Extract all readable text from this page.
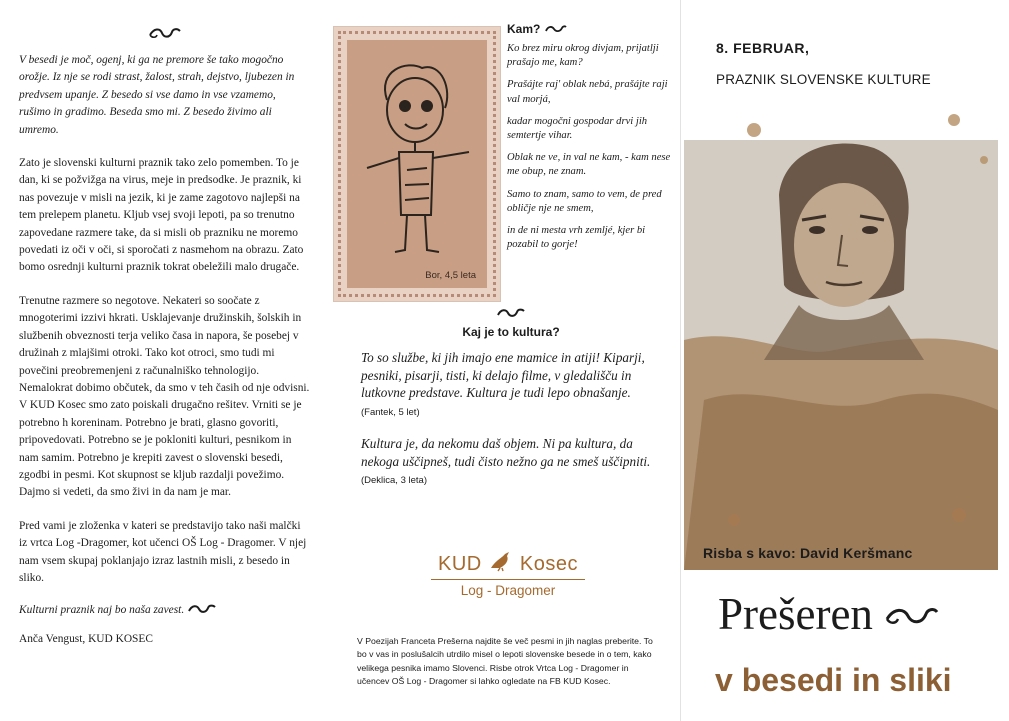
V besedi je moč, ogenj, ki ga ne premore še tako mogočno orožje. Iz nje se rodi strast, žalost, strah, dejstvo, ljubezen in predvsem upanje. Z besedo si vse damo in vse vzamemo, rušimo in gradimo. Beseda smo mi. Z besedo živimo ali umremo.

Zato je slovenski kulturni praznik tako zelo pomemben. To je dan, ki se požvižga na virus, meje in predsodke. Je praznik, ki nas povezuje v misli na jezik, ki je zame zagotovo najlepši na tem prelepem planetu. Kljub vsej svoji lepoti, pa so trenutno zapovedane razmere take, da si misli ob prazniku ne moremo povedati iz oči v oči, si sporočati z nasmehom na obrazu. Zato bomo osrednji kulturni praznik tokrat obeležili malo drugače.

Trenutne razmere so negotove. Nekateri so soočate z mnogoterimi izzivi hkrati. Usklajevanje družinskih, šolskih in službenih obveznosti terja veliko časa in napora, še posebej v družinah z mlajšimi otroki. Tako kot otroci, smo tudi mi povečini preobremenjeni z računalniško tehnologijo. Nemalokrat dobimo občutek, da smo v teh časih od nje odvisni. V KUD Kosec smo zato poiskali drugačno rešitev. Vrniti se je potrebno h koreninam. Potrebno je brati, glasno govoriti, pripovedovati. Potrebno se je pokloniti kulturi, pesnikom in nam samim. Potrebno je krepiti zavest o slovenski besedi, zgodbi in pesmi. Kot skupnost se kljub razdalji povežimo. Dajmo si vedeti, da smo živi in da nam je mar.

Pred vami je zloženka v kateri se predstavijo tako naši malčki iz vrtca Log -Dragomer, kot učenci OŠ Log - Dragomer. V njej nam vsem skupaj poklanjajo izraz lastnih misli, z besedo in sliko.

Kulturni praznik naj bo naša zavest.

Anča Vengust, KUD KOSEC

Bor, 4,5 leta
Kam?

Ko brez miru okrog divjam, prijatlji prašajo me, kam?

Prašájte raj' oblak nebá, prašájte raji val morjá,

kadar mogočni gospodar drvi jih semtertje vihar.

Oblak ne ve, in val ne kam, - kam nese me obup, ne znam.

Samo to znam, samo to vem, de pred obličje nje ne smem,

in de ni mesta vrh zemljé, kjer bi pozabil to gorje!

Kaj je to kultura?

To so službe, ki jih imajo ene mamice in atiji! Kiparji, pesniki, pisarji, tisti, ki delajo filme, v gledališču in lutkovne predstave. Kultura je tudi lepo obnašanje. (Fantek, 5 let)

Kultura je, da nekomu daš objem. Ni pa kultura, da nekoga uščipneš, tudi čisto nežno ga ne smeš uščipniti. (Deklica, 3 leta)

KUD Kosec
Log - Dragomer

V Poezijah Franceta Prešerna najdite še več pesmi in jih naglas preberite. To bo v vas in poslušalcih utrdilo misel o lepoti slovenske besede in o tem, kako velikega pesnika imamo Slovenci. Risbe otrok Vrtca Log - Dragomer in učencev OŠ Log - Dragomer si lahko ogledate na FB KUD Kosec.

8. FEBRUAR,
PRAZNIK SLOVENSKE KULTURE
Risba s kavo: David Keršmanc
Prešeren
v besedi in sliki
